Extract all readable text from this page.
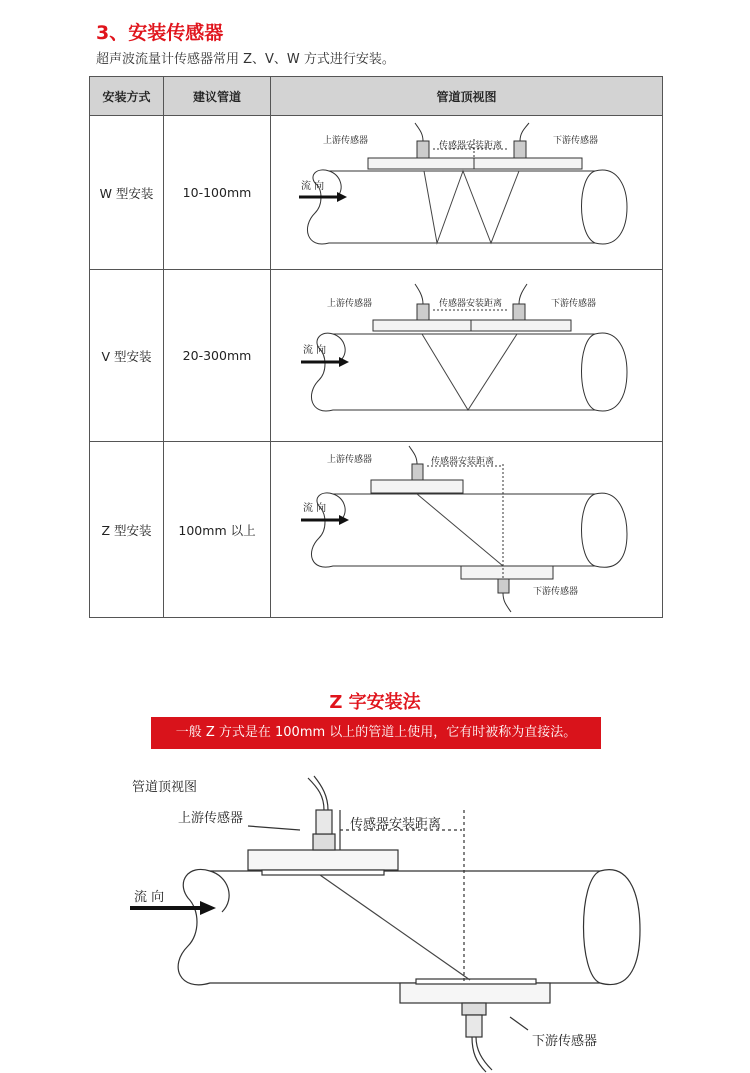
3、安装传感器
超声波流量计传感器常用 Z、V、W 方式进行安装。
安装方式	建议管道	管道顶视图
W 型安装	10-100mm	流 向
上游传感器 传感器安装距离 下游传感器

V 型安装	20-300mm	流 向
上游传感器 传感器安装距离 下游传感器

Z 型安装	100mm 以上	流 向
上游传感器 传感器安装距离
下游传感器
Z 字安装法
一般 Z 方式是在 100mm 以上的管道上使用，它有时被称为直接法。
管道顶视图
上游传感器	传感器安装距离
流 向
下游传感器
